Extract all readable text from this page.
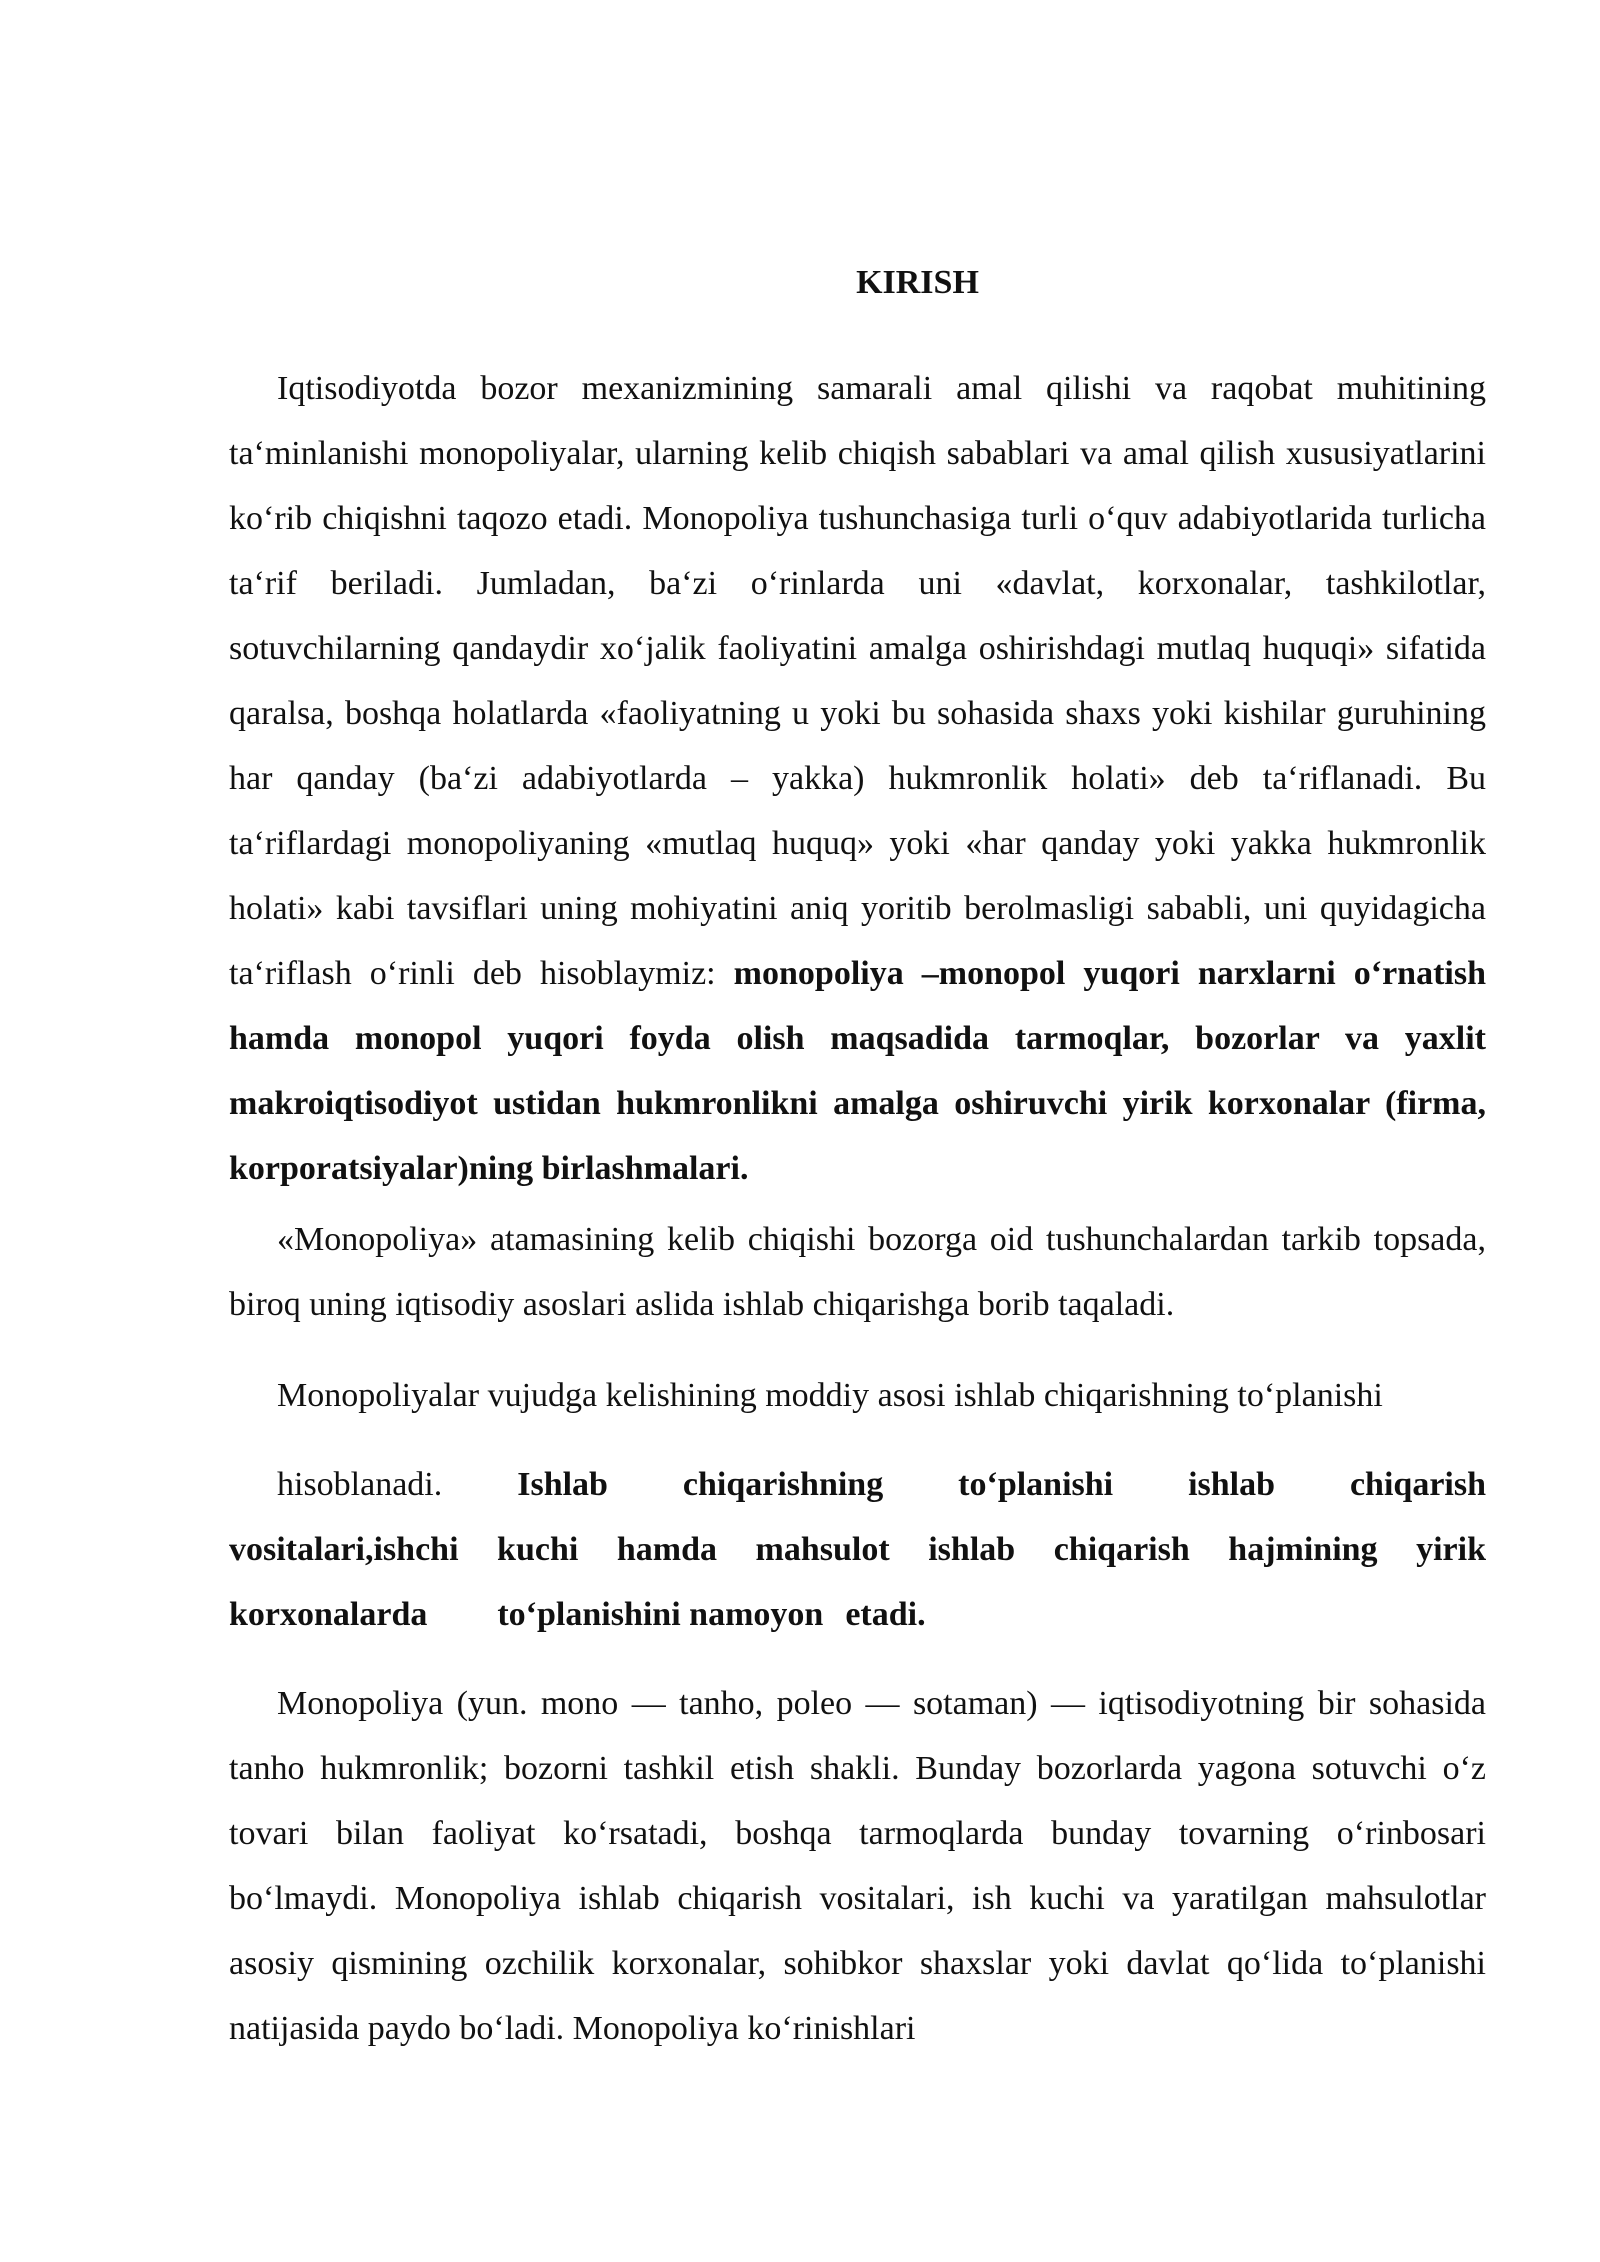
KIRISH

Iqtisodiyotda bozor mexanizmining samarali amal qilishi va raqobat muhitining ta‘minlanishi monopoliyalar, ularning kelib chiqish sabablari va amal qilish xususiyatlarini ko‘rib chiqishni taqozo etadi. Monopoliya tushunchasiga turli o‘quv adabiyotlarida turlicha ta‘rif beriladi. Jumladan, ba‘zi o‘rinlarda uni «davlat, korxonalar, tashkilotlar, sotuvchilarning qandaydir xo‘jalik faoliyatini amalga oshirishdagi mutlaq huquqi» sifatida qaralsa, boshqa holatlarda «faoliyatning u yoki bu sohasida shaxs yoki kishilar guruhining har qanday (ba‘zi adabiyotlarda – yakka) hukmronlik holati» deb ta‘riflanadi. Bu ta‘riflardagi monopoliyaning «mutlaq huquq» yoki «har qanday yoki yakka hukmronlik holati» kabi tavsiflari uning mohiyatini aniq yoritib berolmasligi sababli, uni quyidagicha ta‘riflash o‘rinli deb hisoblaymiz: monopoliya –monopol yuqori narxlarni o‘rnatish hamda monopol yuqori foyda olish maqsadida tarmoqlar, bozorlar va yaxlit makroiqtisodiyot ustidan hukmronlikni amalga oshiruvchi yirik korxonalar (firma, korporatsiyalar)ning birlashmalari.

«Monopoliya» atamasining kelib chiqishi bozorga oid tushunchalardan tarkib topsada, biroq uning iqtisodiy asoslari aslida ishlab chiqarishga borib taqaladi.

Monopoliyalar vujudga kelishining moddiy asosi ishlab chiqarishning to‘planishi

hisoblanadi. Ishlab chiqarishning to‘planishi ishlab chiqarish

vositalari,ishchi kuchi hamda mahsulot ishlab chiqarish hajmining yirik

korxonalarda to‘planishini namoyon etadi.

Monopoliya (yun. mono — tanho, poleo — sotaman) — iqtisodiyotning bir sohasida tanho hukmronlik; bozorni tashkil etish shakli. Bunday bozorlarda yagona sotuvchi o‘z tovari bilan faoliyat ko‘rsatadi, boshqa tarmoqlarda bunday tovarning o‘rinbosari bo‘lmaydi. Monopoliya ishlab chiqarish vositalari, ish kuchi va yaratilgan mahsulotlar asosiy qismining ozchilik korxonalar, sohibkor shaxslar yoki davlat qo‘lida to‘planishi natijasida paydo bo‘ladi. Monopoliya ko‘rinishlari
